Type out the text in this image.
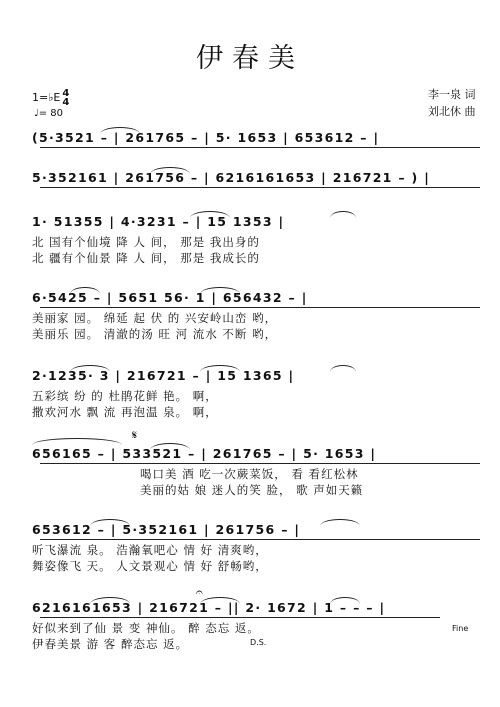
伊春美
李一泉 词
刘北休 曲
1=♭E 4
4
♩= 80
(5·3521 – | 261765 – | 5· 1653 | 653612 – |
5·352161 | 261756 – | 6216161653 | 216721 – ) |
1· 51355 | 4·3231 – | 15 1353 |
北 国有个仙境 降 人 间， 那是 我出身的
北 疆有个仙景 降 人 间， 那是 我成长的
6·5425 – | 5651 56· 1 | 656432 – |
美丽家 园。 绵延 起 伏 的 兴安岭山峦 哟，
美丽乐 园。 清澈的汤 旺 河 流水 不断 哟，
2·1235· 3 | 216721 – | 15 1365 |
五彩缤 纷 的 杜鹃花鲜 艳。 啊，
撒欢河水 飘 流 再泡温 泉。 啊，
𝄋
656165 – | 533521 – | 261765 – | 5· 1653 |
喝口美 酒 吃一次蕨菜饭， 看 看红松林
美丽的姑 娘 迷人的笑 脸， 歌 声如天籁
653612 – | 5·352161 | 261756 – |
听飞瀑流 泉。 浩瀚氧吧心 情 好 清爽哟，
舞姿像飞 天。 人文景观心 情 好 舒畅哟，
𝄐
6216161653 | 216721 – || 2· 1672 | 1 – – – |
好似来到了仙 景 变 神仙。 醉 态忘 返。
伊春美景 游 客 醉态忘 返。
Fine
D.S.
